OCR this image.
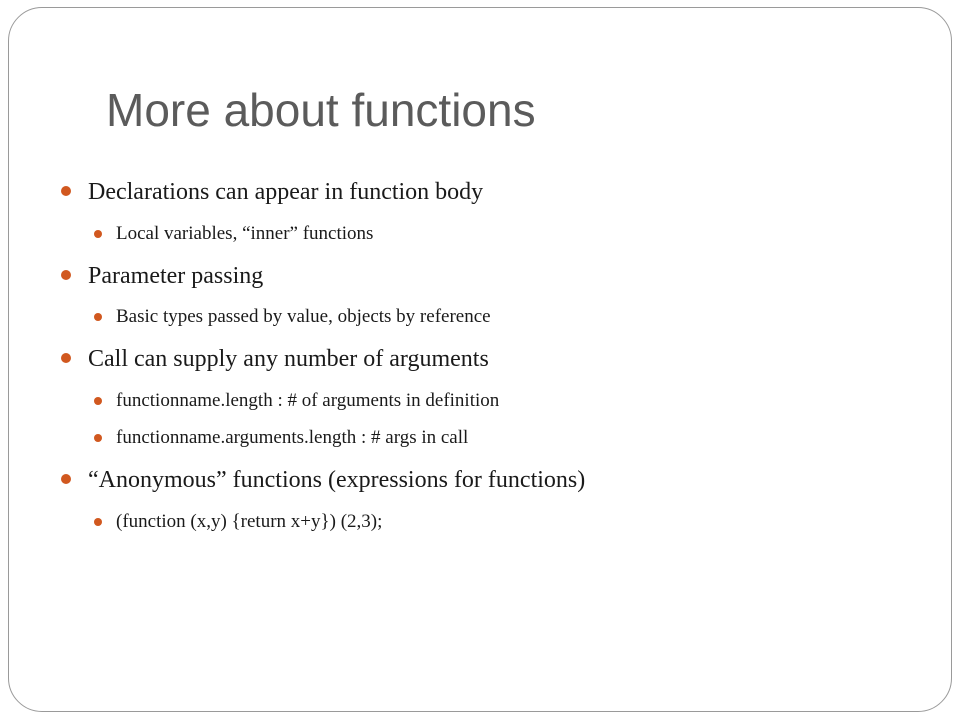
More about functions
Declarations can appear in function body
Local variables, “inner” functions
Parameter passing
Basic types passed by value, objects by reference
Call can supply any number of arguments
functionname.length : # of arguments in definition
functionname.arguments.length : # args in call
“Anonymous” functions (expressions for functions)
(function (x,y) {return x+y}) (2,3);
